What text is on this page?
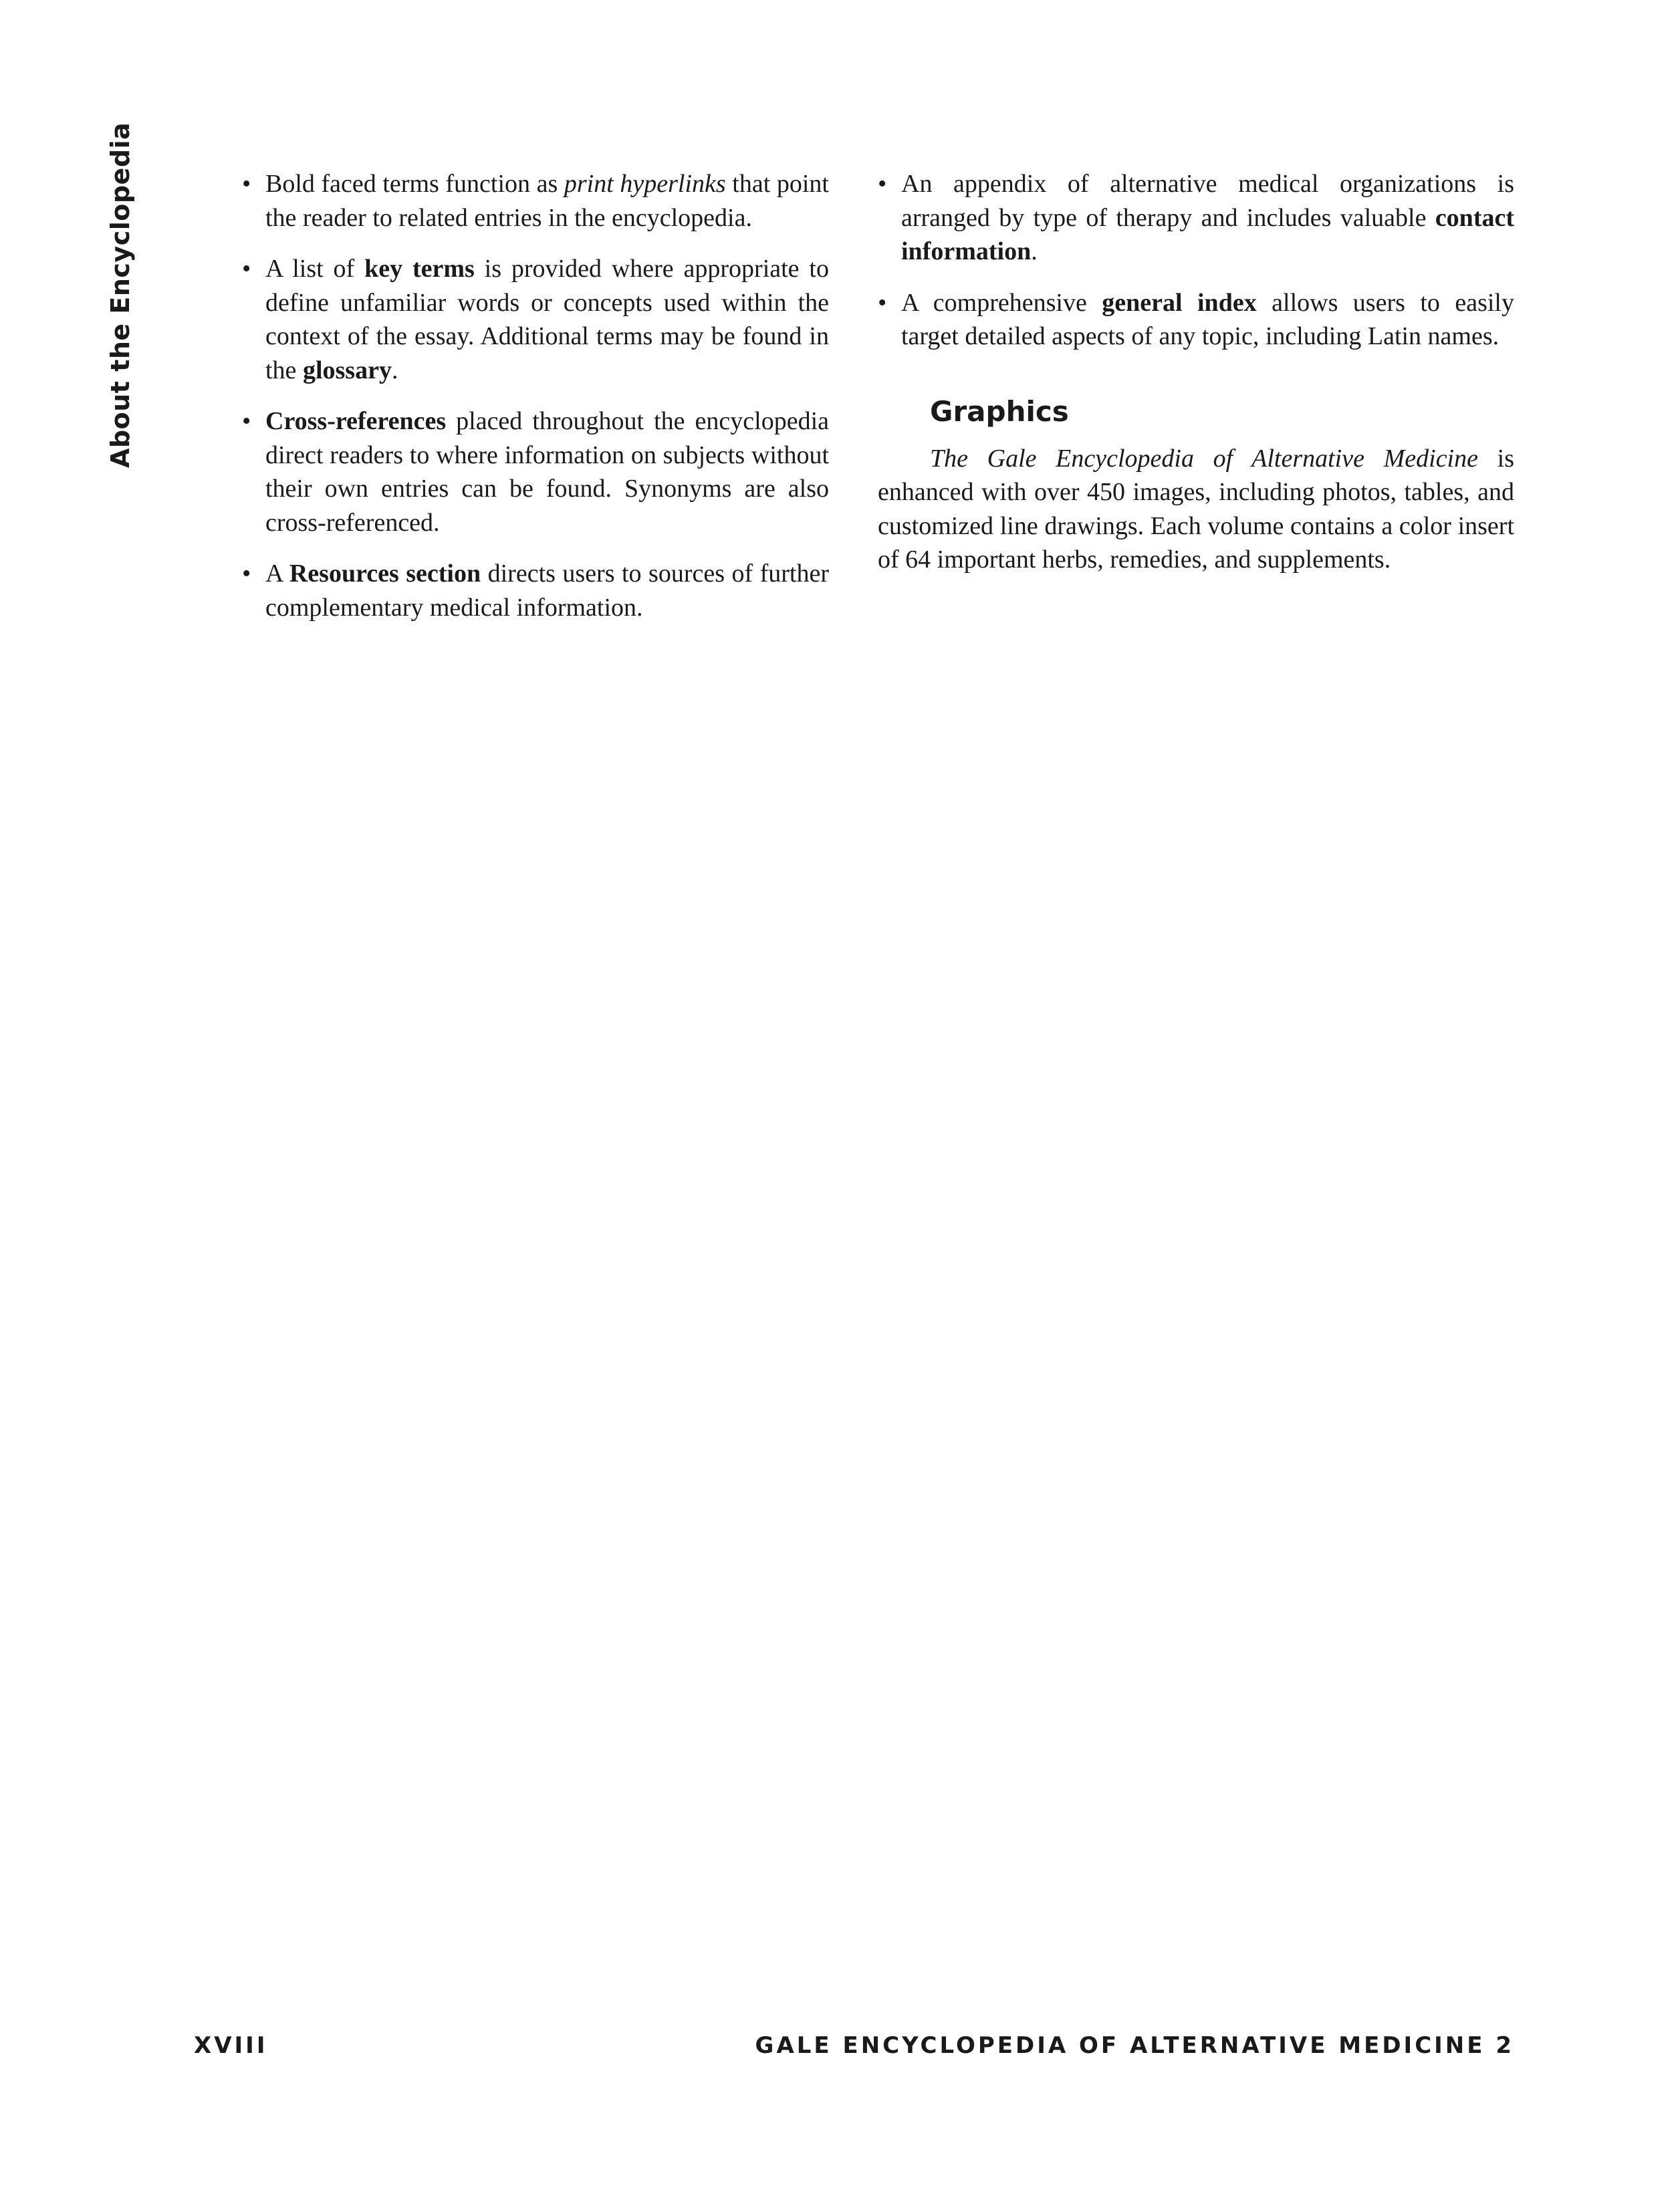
About the Encyclopedia
•	Bold faced terms function as print hyperlinks that point the reader to related entries in the encyclopedia.
• A list of key terms is provided where appropriate to define unfamiliar words or concepts used within the context of the essay. Additional terms may be found in the glossary.
• Cross-references placed throughout the encyclopedia direct readers to where information on subjects without their own entries can be found. Synonyms are also cross-referenced.
• A Resources section directs users to sources of further complementary medical information.
• An appendix of alternative medical organizations is arranged by type of therapy and includes valuable contact information.
• A comprehensive general index allows users to easily target detailed aspects of any topic, including Latin names.
Graphics

The Gale Encyclopedia of Alternative Medicine is enhanced with over 450 images, including photos, tables, and customized line drawings. Each volume contains a color insert of 64 important herbs, remedies, and supplements.

XVIII	GALE ENCYCLOPEDIA OF ALTERNATIVE MEDICINE 2
